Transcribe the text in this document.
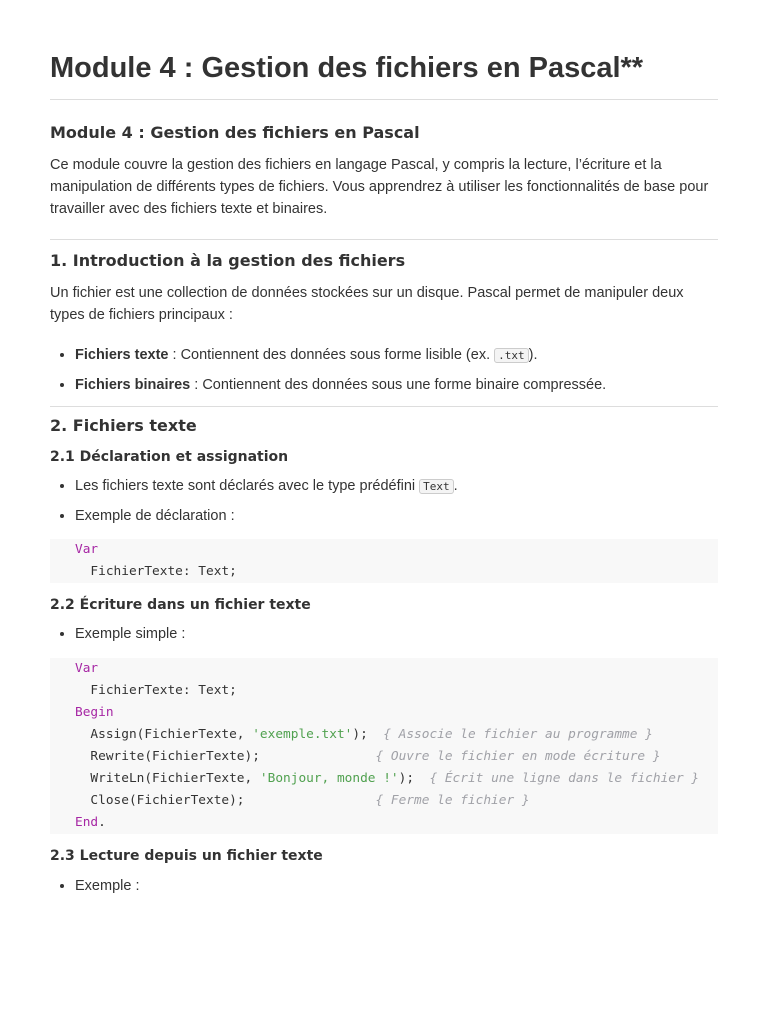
Module 4 : Gestion des fichiers en Pascal**
Module 4 : Gestion des fichiers en Pascal

Ce module couvre la gestion des fichiers en langage Pascal, y compris la lecture, l’écriture et la manipulation de différents types de fichiers. Vous apprendrez à utiliser les fonctionnalités de base pour travailler avec des fichiers texte et binaires.

1. Introduction à la gestion des fichiers

Un fichier est une collection de données stockées sur un disque. Pascal permet de manipuler deux types de fichiers principaux :

• Fichiers texte : Contiennent des données sous forme lisible (ex. .txt ).
• Fichiers binaires : Contiennent des données sous une forme binaire compressée.
2. Fichiers texte
2.1 Déclaration et assignation
• Les fichiers texte sont déclarés avec le type prédéfini Text .
• Exemple de déclaration :
Var
FichierTexte: Text;
2.2 Écriture dans un fichier texte
• Exemple simple :
Var
FichierTexte: Text;
Begin
Assign(FichierTexte, 'exemple.txt');  { Associe le fichier au programme }
Rewrite(FichierTexte);               { Ouvre le fichier en mode écriture }
WriteLn(FichierTexte, 'Bonjour, monde !');  { Écrit une ligne dans le fichier }
Close(FichierTexte);                 { Ferme le fichier }
End.
2.3 Lecture depuis un fichier texte
• Exemple :
